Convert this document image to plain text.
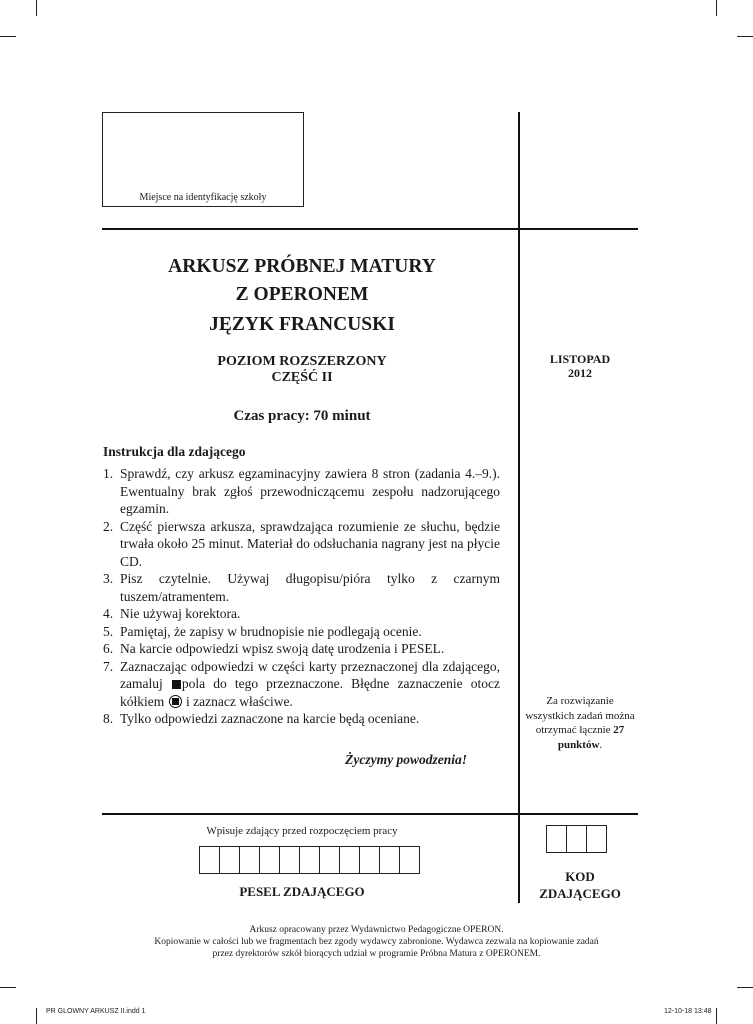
Miejsce na identyfikację szkoły
ARKUSZ PRÓBNEJ MATURY
Z OPERONEM
JĘZYK FRANCUSKI
POZIOM ROZSZERZONY
CZĘŚĆ II
Czas pracy: 70 minut
LISTOPAD
2012
Instrukcja dla zdającego
1. Sprawdź, czy arkusz egzaminacyjny zawiera 8 stron (zadania 4.–9.). Ewentualny brak zgłoś przewodniczącemu zespołu nadzorującego egzamin.
2. Część pierwsza arkusza, sprawdzająca rozumienie ze słuchu, będzie trwała około 25 minut. Materiał do odsłuchania nagrany jest na płycie CD.
3. Pisz czytelnie. Używaj długopisu/pióra tylko z czarnym tuszem/atramentem.
4. Nie używaj korektora.
5. Pamiętaj, że zapisy w brudnopisie nie podlegają ocenie.
6. Na karcie odpowiedzi wpisz swoją datę urodzenia i PESEL.
7. Zaznaczając odpowiedzi w części karty przeznaczonej dla zdającego, zamaluj pola do tego przeznaczone. Błędne zaznaczenie otocz kółkiem i zaznacz właściwe.
8. Tylko odpowiedzi zaznaczone na karcie będą oceniane.
Życzymy powodzenia!
Za rozwiązanie wszystkich zadań można otrzymać łącznie 27 punktów.
Wpisuje zdający przed rozpoczęciem pracy
PESEL ZDAJĄCEGO
KOD
ZDAJĄCEGO
Arkusz opracowany przez Wydawnictwo Pedagogiczne OPERON.
Kopiowanie w całości lub we fragmentach bez zgody wydawcy zabronione. Wydawca zezwala na kopiowanie zadań
przez dyrektorów szkół biorących udział w programie Próbna Matura z OPERONEM.
PR GLOWNY ARKUSZ II.indd 1	12-10-18 13:48
